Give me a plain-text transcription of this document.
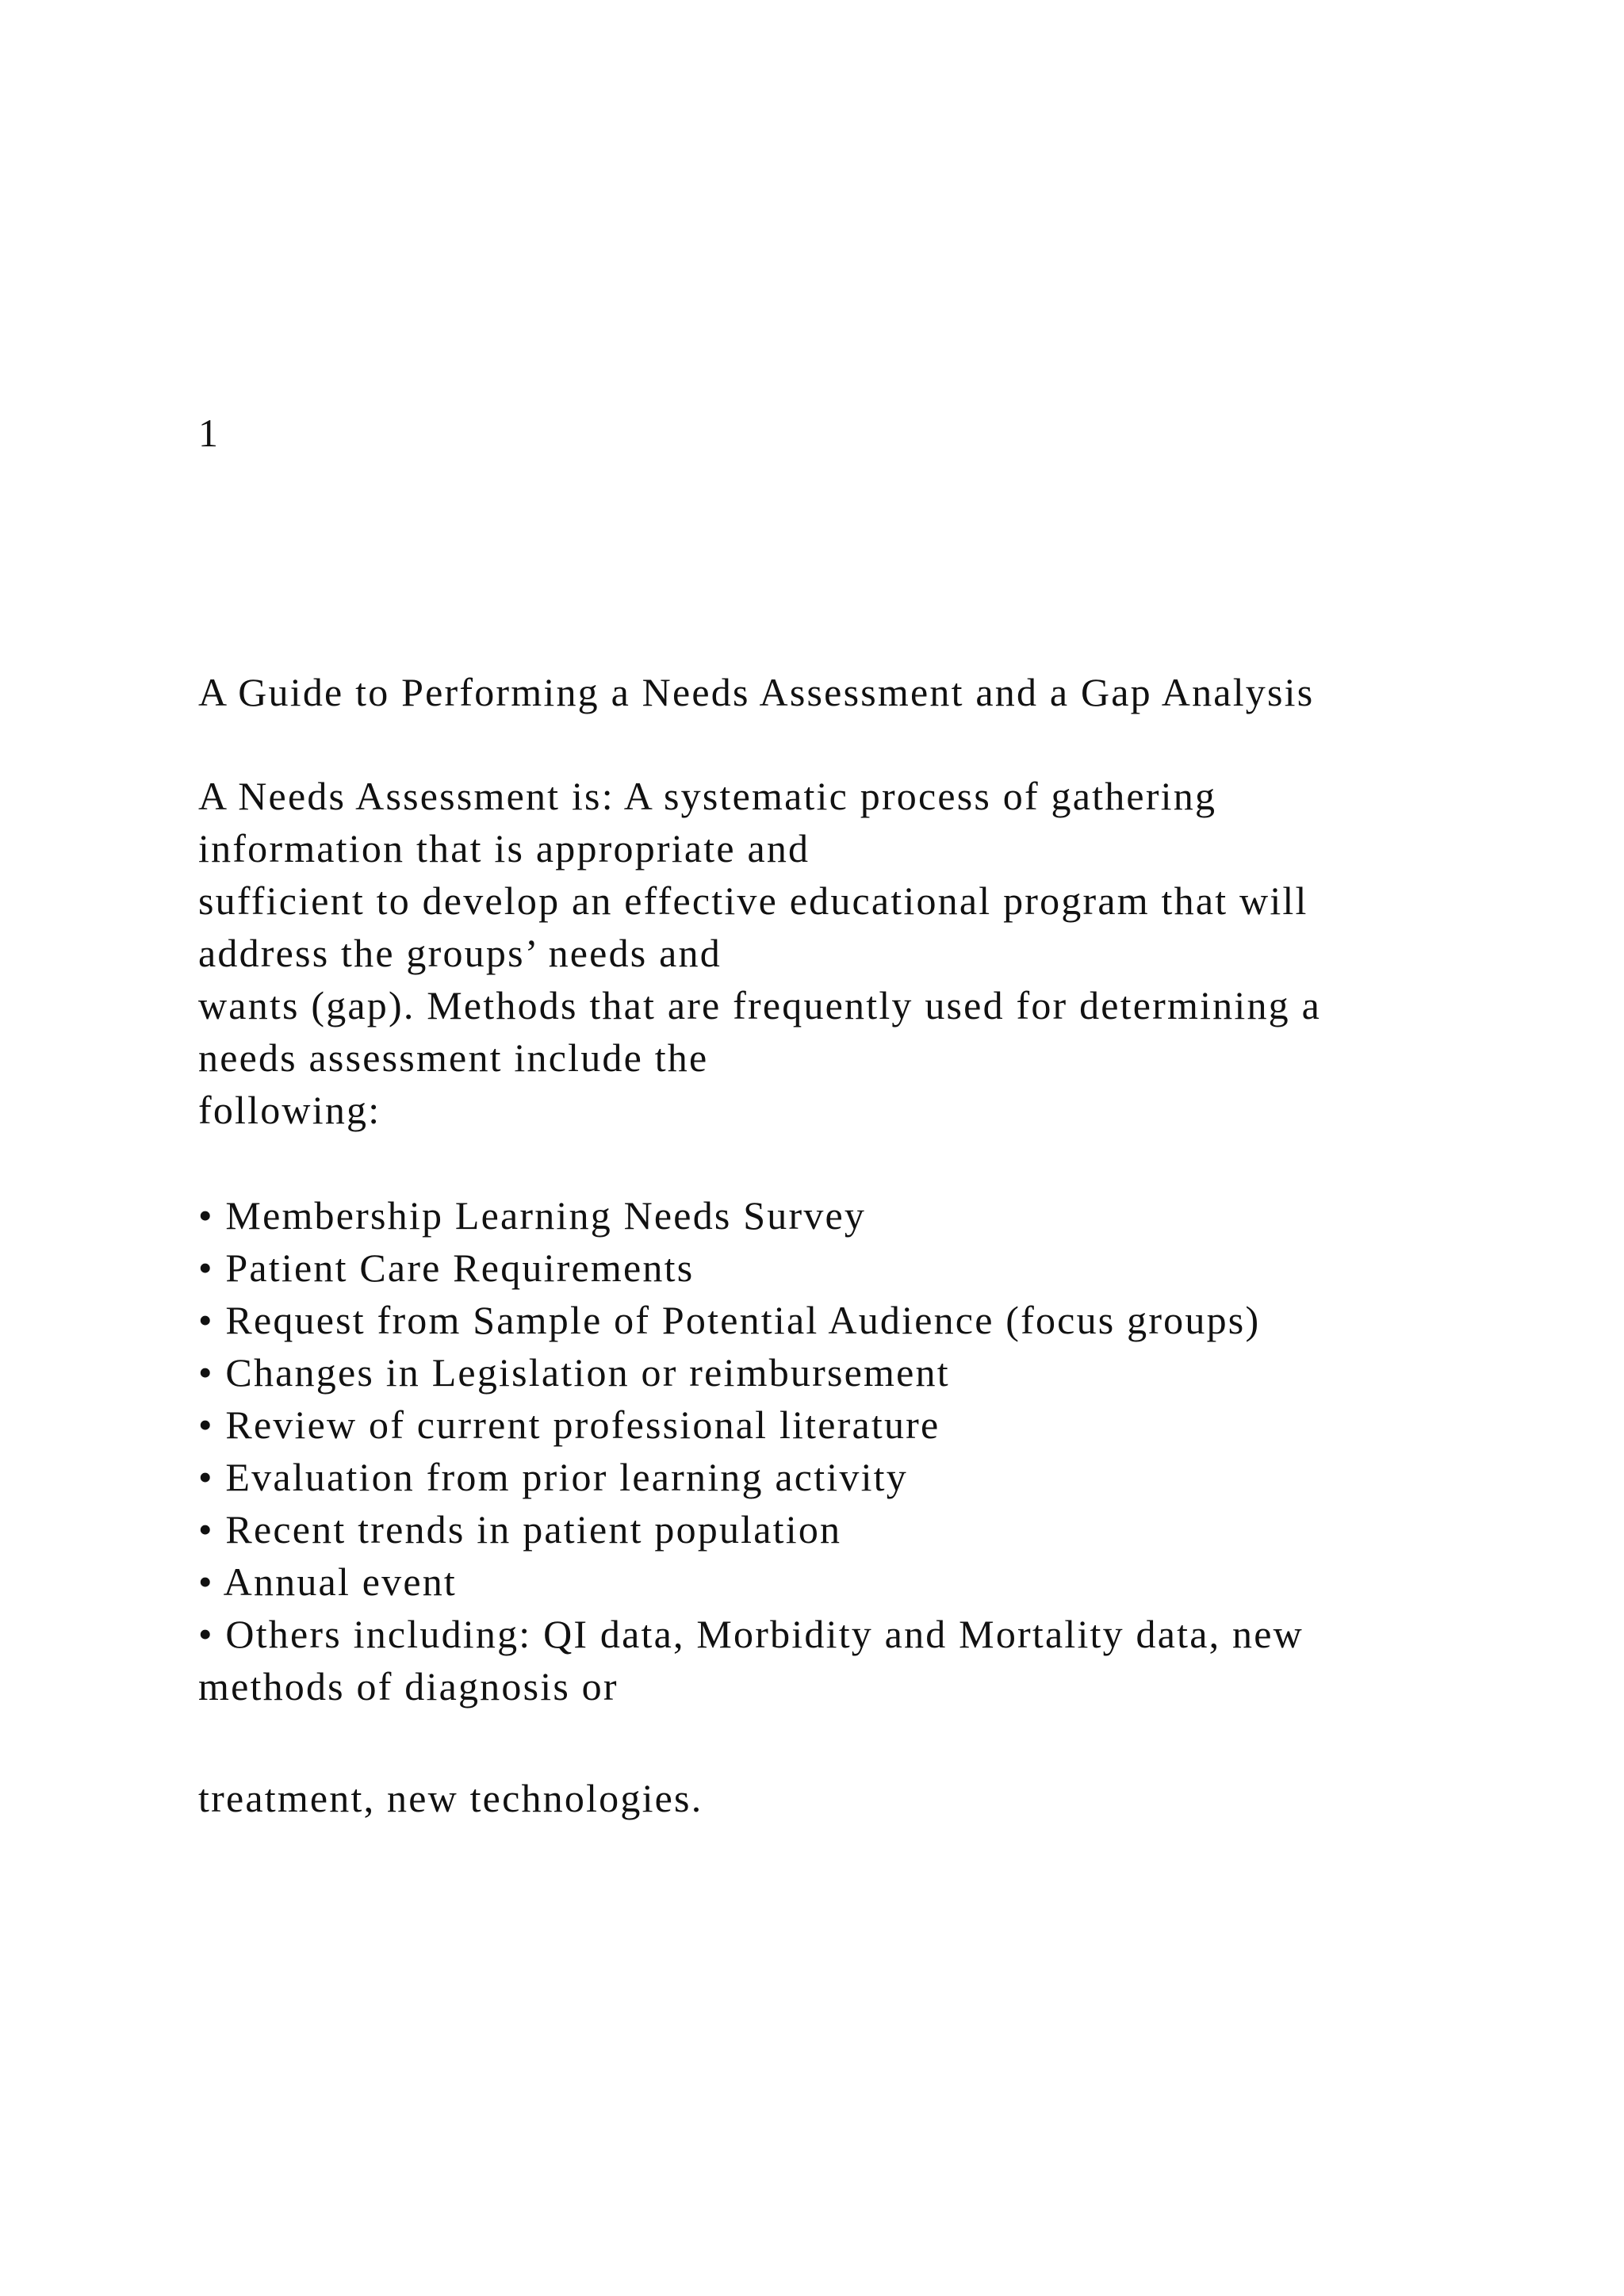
1

A Guide to Performing a Needs Assessment and a Gap Analysis

A Needs Assessment is: A systematic process of gathering

information that is appropriate and

sufficient to develop an effective educational program that will

address the groups’ needs and

wants (gap). Methods that are frequently used for determining a

needs assessment include the

following:

• Membership Learning Needs Survey

• Patient Care Requirements

• Request from Sample of Potential Audience (focus groups)

• Changes in Legislation or reimbursement

• Review of current professional literature

• Evaluation from prior learning activity

• Recent trends in patient population

• Annual event

• Others including: QI data, Morbidity and Mortality data, new

methods of diagnosis or

treatment, new technologies.
